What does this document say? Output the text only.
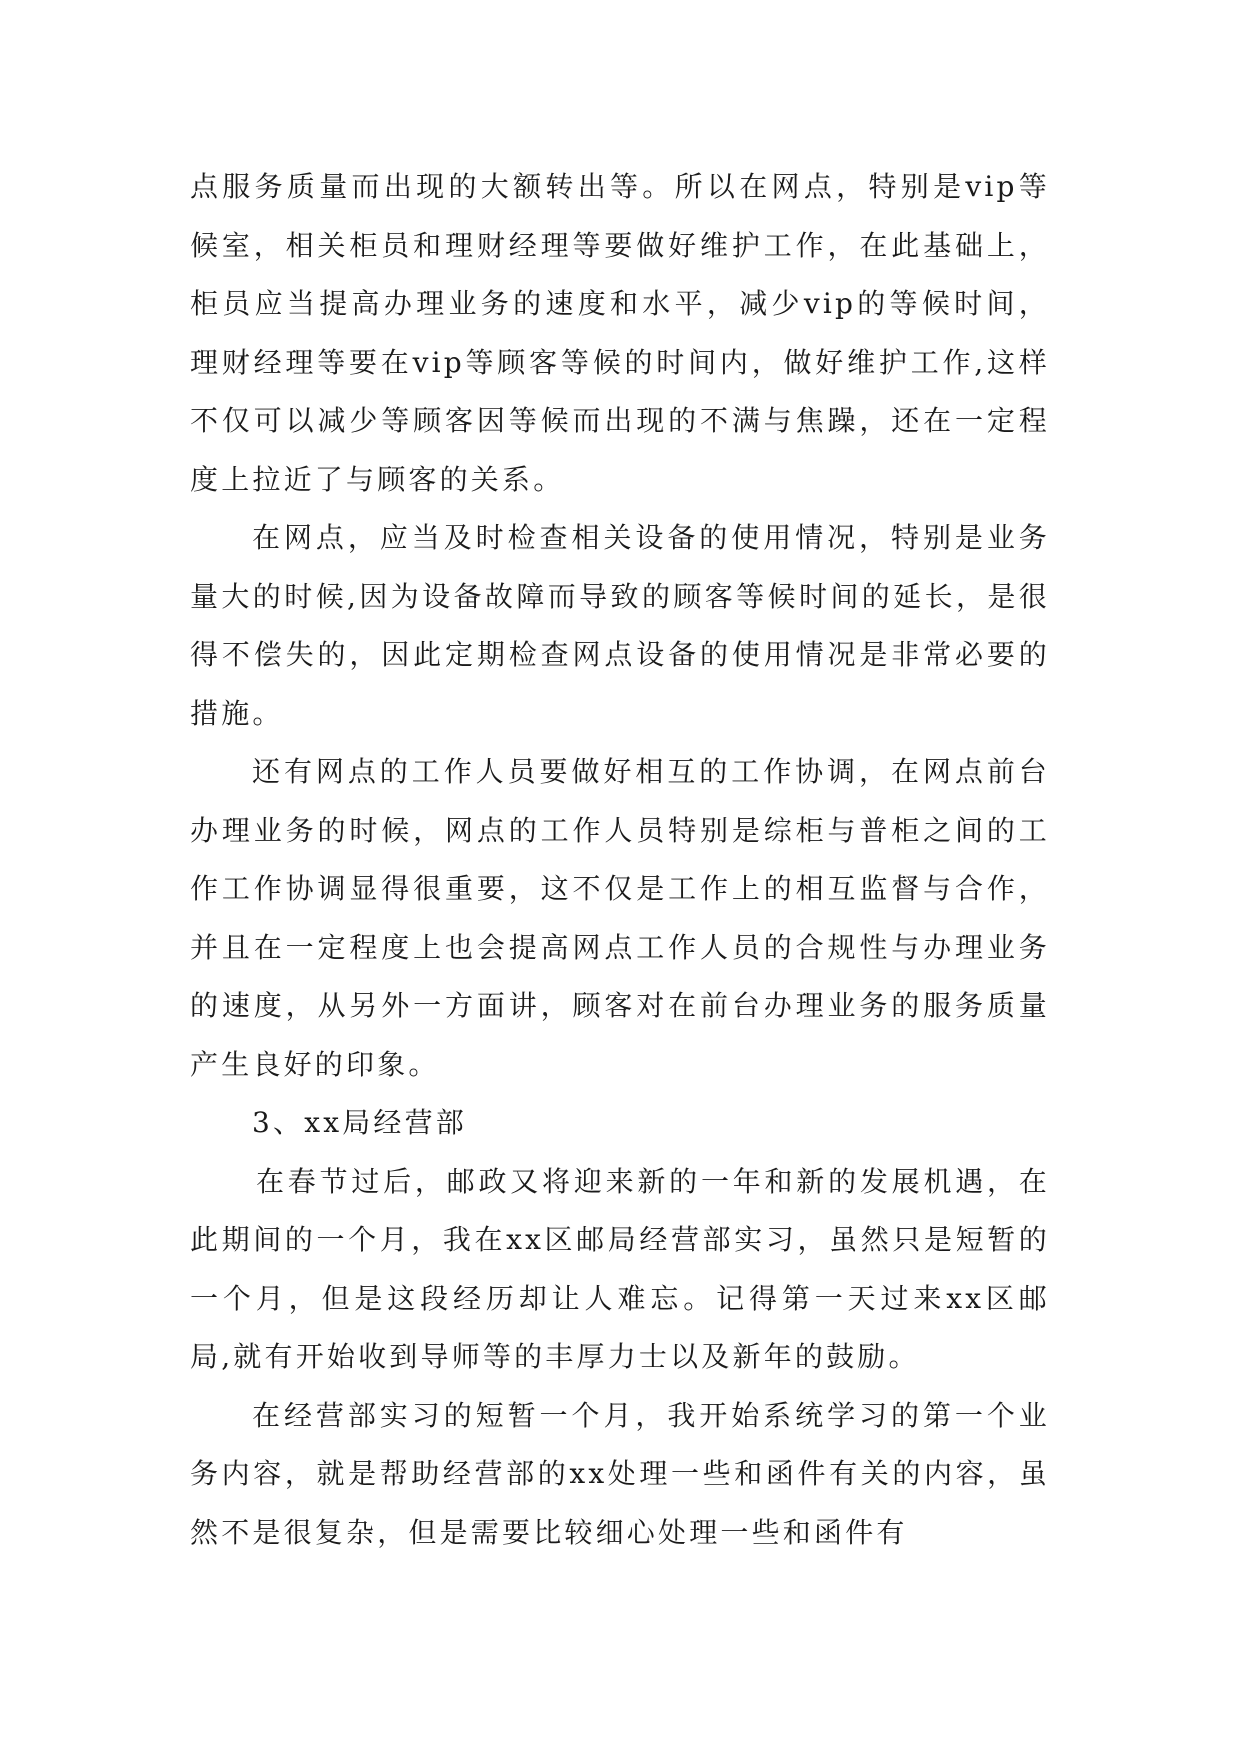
点服务质量而出现的大额转出等。所以在网点，特别是vip等候室，相关柜员和理财经理等要做好维护工作，在此基础上，柜员应当提高办理业务的速度和水平，减少vip的等候时间，理财经理等要在vip等顾客等候的时间内，做好维护工作,这样不仅可以减少等顾客因等候而出现的不满与焦躁，还在一定程度上拉近了与顾客的关系。

在网点，应当及时检查相关设备的使用情况，特别是业务量大的时候,因为设备故障而导致的顾客等候时间的延长，是很得不偿失的，因此定期检查网点设备的使用情况是非常必要的措施。

还有网点的工作人员要做好相互的工作协调，在网点前台办理业务的时候，网点的工作人员特别是综柜与普柜之间的工作工作协调显得很重要，这不仅是工作上的相互监督与合作，并且在一定程度上也会提高网点工作人员的合规性与办理业务的速度，从另外一方面讲，顾客对在前台办理业务的服务质量产生良好的印象。

3、xx局经营部

在春节过后，邮政又将迎来新的一年和新的发展机遇，在此期间的一个月，我在xx区邮局经营部实习，虽然只是短暂的一个月，但是这段经历却让人难忘。记得第一天过来xx区邮局,就有开始收到导师等的丰厚力士以及新年的鼓励。

在经营部实习的短暂一个月，我开始系统学习的第一个业务内容，就是帮助经营部的xx处理一些和函件有关的内容，虽然不是很复杂，但是需要比较细心处理一些和函件有
